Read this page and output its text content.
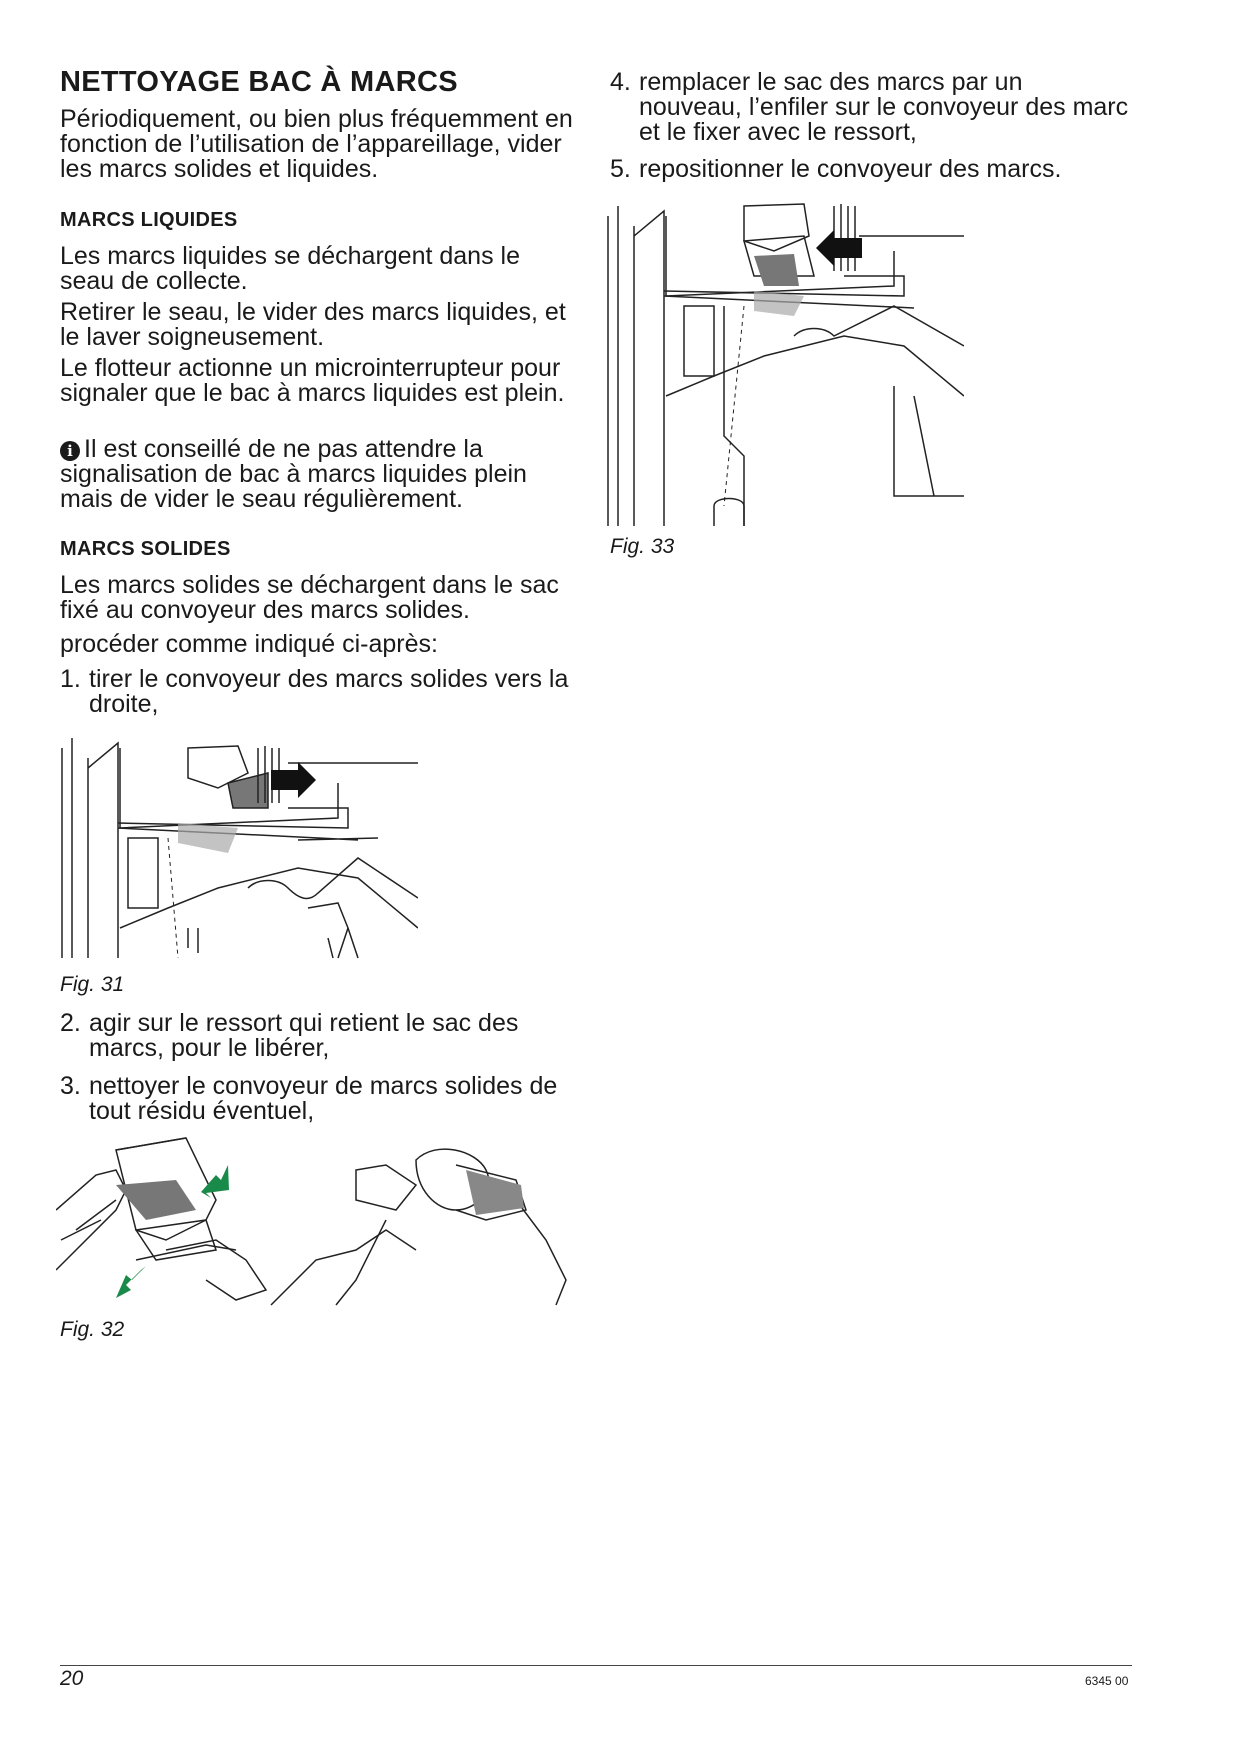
NETTOYAGE BAC À MARCS

Périodiquement, ou bien plus fréquemment en fonction de l’utilisation de l’appareillage, vider les marcs solides et liquides.

MARCS LIQUIDES

Les marcs liquides se déchargent dans le seau de collecte.

Retirer le seau, le vider des marcs liquides, et le laver soigneusement.

Le flotteur actionne un microinterrupteur pour signaler que le bac à marcs liquides est plein.

i Il est conseillé de ne pas attendre la signalisation de bac à marcs liquides plein mais de vider le seau régulièrement.

MARCS SOLIDES

Les marcs solides se déchargent dans le sac fixé au convoyeur des marcs solides.

procéder comme indiqué ci-après:

1. tirer le convoyeur des marcs solides vers la droite,
Fig. 31
2. agir sur le ressort qui retient le sac des marcs, pour le libérer,
3. nettoyer le convoyeur de marcs solides de tout résidu éventuel,
Fig. 32
4. remplacer le sac des marcs par un nouveau, l’enfiler sur le convoyeur des marc et le fixer avec le ressort,
5. repositionner le convoyeur des marcs.
Fig. 33
20	6345 00
